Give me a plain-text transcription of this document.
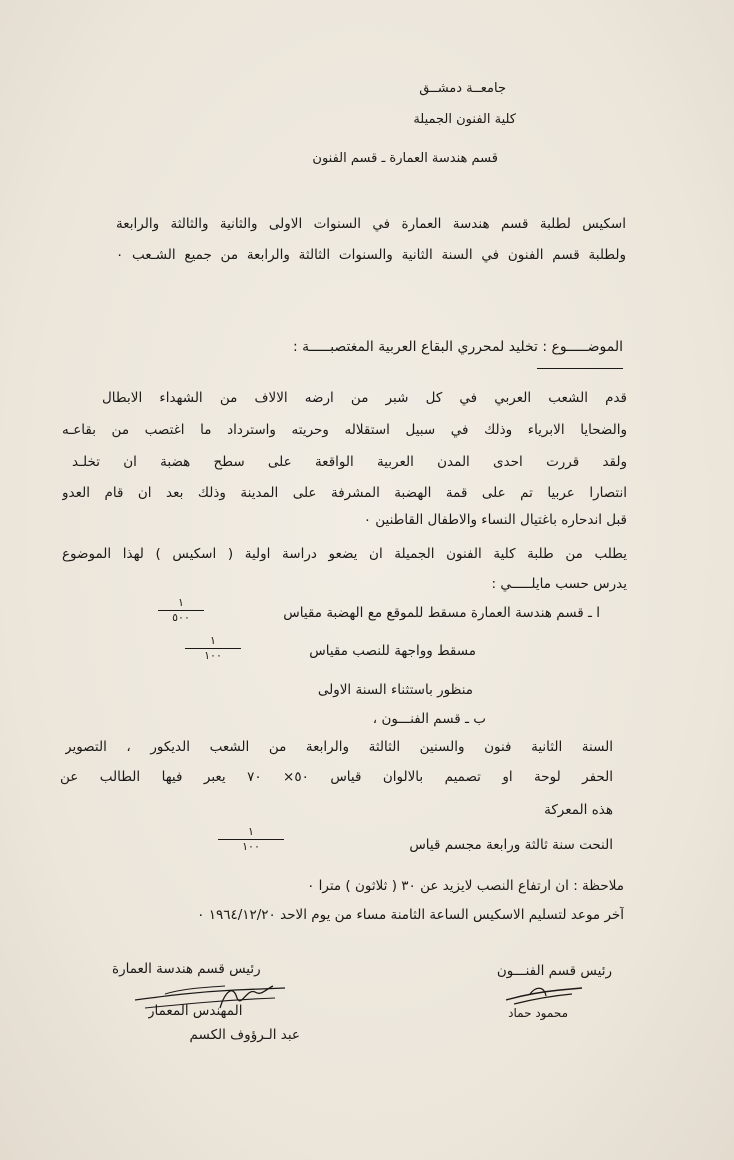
جامعــة دمشــق
كلية الفنون الجميلة
قسم هندسة العمارة ـ قسم الفنون
اسكيس لطلبة قسم هندسة العمارة في السنوات الاولى والثانية والثالثة والرابعة
ولطلبة قسم الفنون في السنة الثانية والسنوات الثالثة والرابعة من جميع الشـعب ٠
الموضـــــوع : تخليد لمحرري البقاع العربية المغتصبـــــة :
قدم الشعب العربي في كل شبر من ارضه الالاف من الشهداء الابطال
والضحايا الابرياء وذلك في سبيل استقلاله وحريته واسترداد ما اغتصب من بقاعـه
ولقد قررت احدى المدن العربية الواقعة على سطح هضبة ان تخلـد
انتصارا عربيا تم على قمة الهضبة المشرفة على المدينة وذلك بعد ان قام العدو
قبل اندحاره باغتيال النساء والاطفال القاطنين ٠
يطلب من طلبة كلية الفنون الجميلة ان يضعو دراسة اولية ( اسكيس ) لهذا الموضوع
يدرس حسب مايلـــــي :
ا ـ قسم هندسة العمارة مسقط للموقع مع الهضبة مقياس
١
٥٠٠
مسقط وواجهة للنصب مقياس
١
١٠٠
منظور باستثناء السنة الاولى
ب ـ قسم الفنـــون ،
السنة الثانية فنون والسنين الثالثة والرابعة من الشعب الديكور ، التصوير
الحفر لوحة او تصميم بالالوان قياس ٥٠× ٧٠ يعبر فيها الطالب عن
هذه المعركة
النحت سنة ثالثة ورابعة مجسم قياس
١
١٠٠
ملاحظة : ان ارتفاع النصب لايزيد عن ٣٠ ( ثلاثون ) مترا ٠
آخر موعد لتسليم الاسكيس الساعة الثامنة مساء من يوم الاحد ١٩٦٤/١٢/٢٠ ٠
رئيس قسم هندسة العمارة
المهندس المعمار
عبد الـرؤوف الكسم
رئيس قسم الفنـــون
محمود حماد
